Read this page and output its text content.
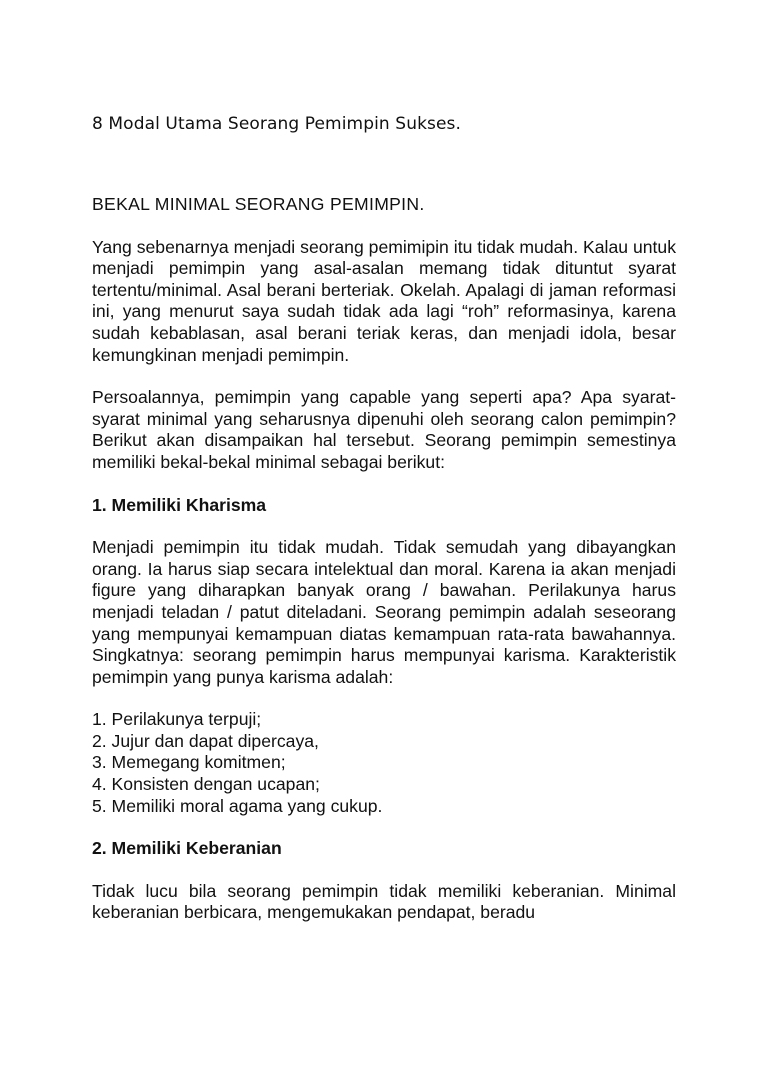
8 Modal Utama Seorang Pemimpin Sukses.
BEKAL MINIMAL SEORANG PEMIMPIN.

Yang sebenarnya menjadi seorang pemimipin itu tidak mudah. Kalau untuk menjadi pemimpin yang asal-asalan memang tidak dituntut syarat tertentu/minimal. Asal berani berteriak. Okelah. Apalagi di jaman reformasi ini, yang menurut saya sudah tidak ada lagi “roh” reformasinya, karena sudah kebablasan, asal berani teriak keras, dan menjadi idola, besar kemungkinan menjadi pemimpin.

Persoalannya, pemimpin yang capable yang seperti apa? Apa syarat-syarat minimal yang seharusnya dipenuhi oleh seorang calon pemimpin? Berikut akan disampaikan hal tersebut. Seorang pemimpin semestinya memiliki bekal-bekal minimal sebagai berikut:

1. Memiliki Kharisma

Menjadi pemimpin itu tidak mudah. Tidak semudah yang dibayangkan orang. Ia harus siap secara intelektual dan moral. Karena ia akan menjadi figure yang diharapkan banyak orang / bawahan. Perilakunya harus menjadi teladan / patut diteladani. Seorang pemimpin adalah seseorang yang mempunyai kemampuan diatas kemampuan rata-rata bawahannya. Singkatnya: seorang pemimpin harus mempunyai karisma. Karakteristik pemimpin yang punya karisma adalah:

1. Perilakunya terpuji;
2. Jujur dan dapat dipercaya,
3. Memegang komitmen;
4. Konsisten dengan ucapan;
5. Memiliki moral agama yang cukup.
2. Memiliki Keberanian

Tidak lucu bila seorang pemimpin tidak memiliki keberanian. Minimal keberanian berbicara, mengemukakan pendapat, beradu
